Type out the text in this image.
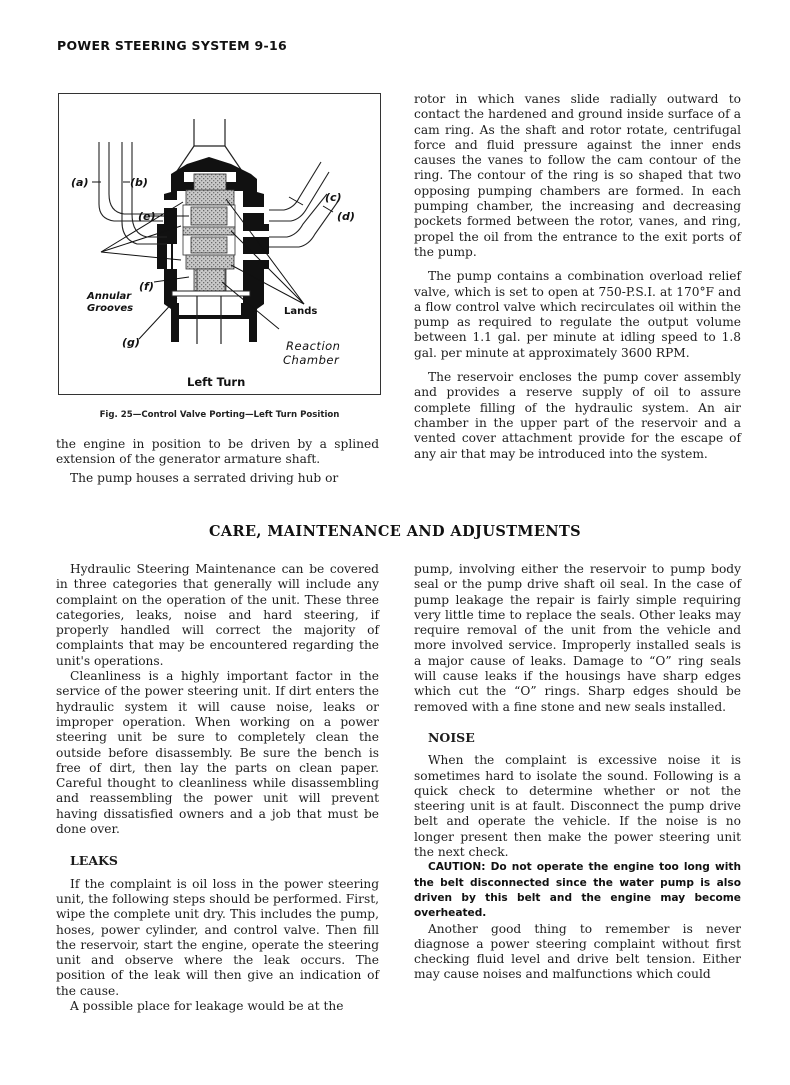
POWER STEERING SYSTEM 9-16
(a)	(b)
(c)
(d)
(e)
(f)
(g)
Annular
Grooves	Lands
Reaction
Chamber
Left Turn
Fig. 25—Control Valve Porting—Left Turn Position

the engine in position to be driven by a splined extension of the generator armature shaft.

The pump houses a serrated driving hub or

rotor in which vanes slide radially outward to contact the hardened and ground inside surface of a cam ring. As the shaft and rotor rotate, centrifugal force and fluid pressure against the inner ends causes the vanes to follow the cam contour of the ring. The contour of the ring is so shaped that two opposing pumping chambers are formed. In each pumping chamber, the increasing and decreasing pockets formed between the rotor, vanes, and ring, propel the oil from the entrance to the exit ports of the pump.

The pump contains a combination overload relief valve, which is set to open at 750-P.S.I. at 170°F and a flow control valve which recirculates oil within the pump as required to regulate the output volume between 1.1 gal. per minute at idling speed to 1.8 gal. per minute at approximately 3600 RPM.

The reservoir encloses the pump cover assembly and provides a reserve supply of oil to assure complete filling of the hydraulic system. An air chamber in the upper part of the reservoir and a vented cover attachment provide for the escape of any air that may be introduced into the system.

CARE, MAINTENANCE AND ADJUSTMENTS

Hydraulic Steering Maintenance can be covered in three categories that generally will include any complaint on the operation of the unit. These three categories, leaks, noise and hard steering, if properly handled will correct the majority of complaints that may be encountered regarding the unit's operations.

Cleanliness is a highly important factor in the service of the power steering unit. If dirt enters the hydraulic system it will cause noise, leaks or improper operation. When working on a power steering unit be sure to completely clean the outside before disassembly. Be sure the bench is free of dirt, then lay the parts on clean paper. Careful thought to cleanliness while disassembling and reassembling the power unit will prevent having dissatisfied owners and a job that must be done over.

LEAKS

If the complaint is oil loss in the power steering unit, the following steps should be performed. First, wipe the complete unit dry. This includes the pump, hoses, power cylinder, and control valve. Then fill the reservoir, start the engine, operate the steering unit and observe where the leak occurs. The position of the leak will then give an indication of the cause.

A possible place for leakage would be at the

pump, involving either the reservoir to pump body seal or the pump drive shaft oil seal. In the case of pump leakage the repair is fairly simple requiring very little time to replace the seals. Other leaks may require removal of the unit from the vehicle and more involved service. Improperly installed seals is a major cause of leaks. Damage to “O” ring seals will cause leaks if the housings have sharp edges which cut the “O” rings. Sharp edges should be removed with a fine stone and new seals installed.

NOISE

When the complaint is excessive noise it is sometimes hard to isolate the sound. Following is a quick check to determine whether or not the steering unit is at fault. Disconnect the pump drive belt and operate the vehicle. If the noise is no longer present then make the power steering unit the next check.

CAUTION: Do not operate the engine too long with the belt disconnected since the water pump is also driven by this belt and the engine may become overheated.

Another good thing to remember is never diagnose a power steering complaint without first checking fluid level and drive belt tension. Either may cause noises and malfunctions which could
